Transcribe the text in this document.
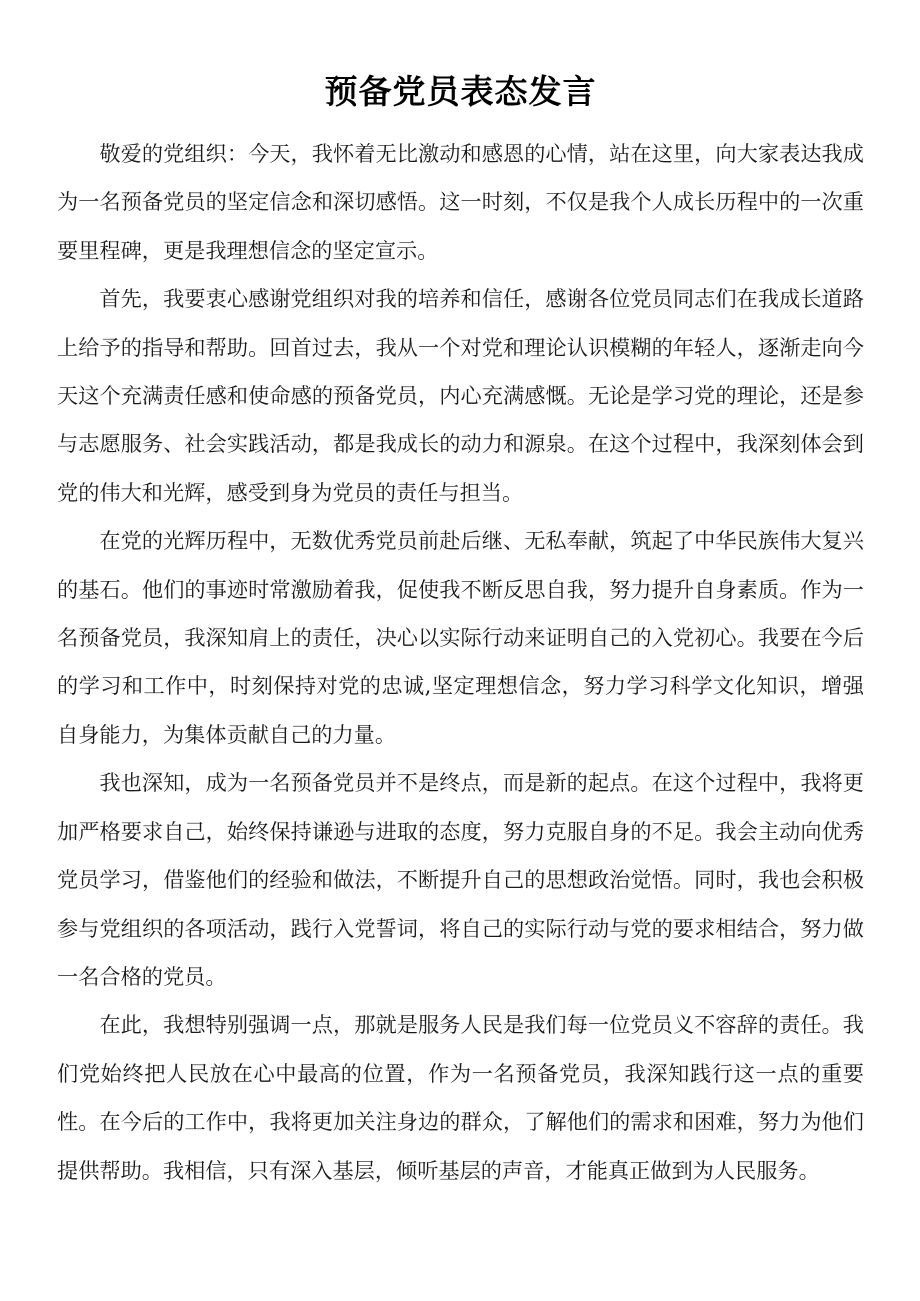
预备党员表态发言

敬爱的党组织：今天，我怀着无比激动和感恩的心情，站在这里，向大家表达我成为一名预备党员的坚定信念和深切感悟。这一时刻，不仅是我个人成长历程中的一次重要里程碑，更是我理想信念的坚定宣示。

首先，我要衷心感谢党组织对我的培养和信任，感谢各位党员同志们在我成长道路上给予的指导和帮助。回首过去，我从一个对党和理论认识模糊的年轻人，逐渐走向今天这个充满责任感和使命感的预备党员，内心充满感慨。无论是学习党的理论，还是参与志愿服务、社会实践活动，都是我成长的动力和源泉。在这个过程中，我深刻体会到党的伟大和光辉，感受到身为党员的责任与担当。

在党的光辉历程中，无数优秀党员前赴后继、无私奉献，筑起了中华民族伟大复兴的基石。他们的事迹时常激励着我，促使我不断反思自我，努力提升自身素质。作为一名预备党员，我深知肩上的责任，决心以实际行动来证明自己的入党初心。我要在今后的学习和工作中，时刻保持对党的忠诚,坚定理想信念，努力学习科学文化知识，增强自身能力，为集体贡献自己的力量。

我也深知，成为一名预备党员并不是终点，而是新的起点。在这个过程中，我将更加严格要求自己，始终保持谦逊与进取的态度，努力克服自身的不足。我会主动向优秀党员学习，借鉴他们的经验和做法，不断提升自己的思想政治觉悟。同时，我也会积极参与党组织的各项活动，践行入党誓词，将自己的实际行动与党的要求相结合，努力做一名合格的党员。

在此，我想特别强调一点，那就是服务人民是我们每一位党员义不容辞的责任。我们党始终把人民放在心中最高的位置，作为一名预备党员，我深知践行这一点的重要性。在今后的工作中，我将更加关注身边的群众，了解他们的需求和困难，努力为他们提供帮助。我相信，只有深入基层，倾听基层的声音，才能真正做到为人民服务。
